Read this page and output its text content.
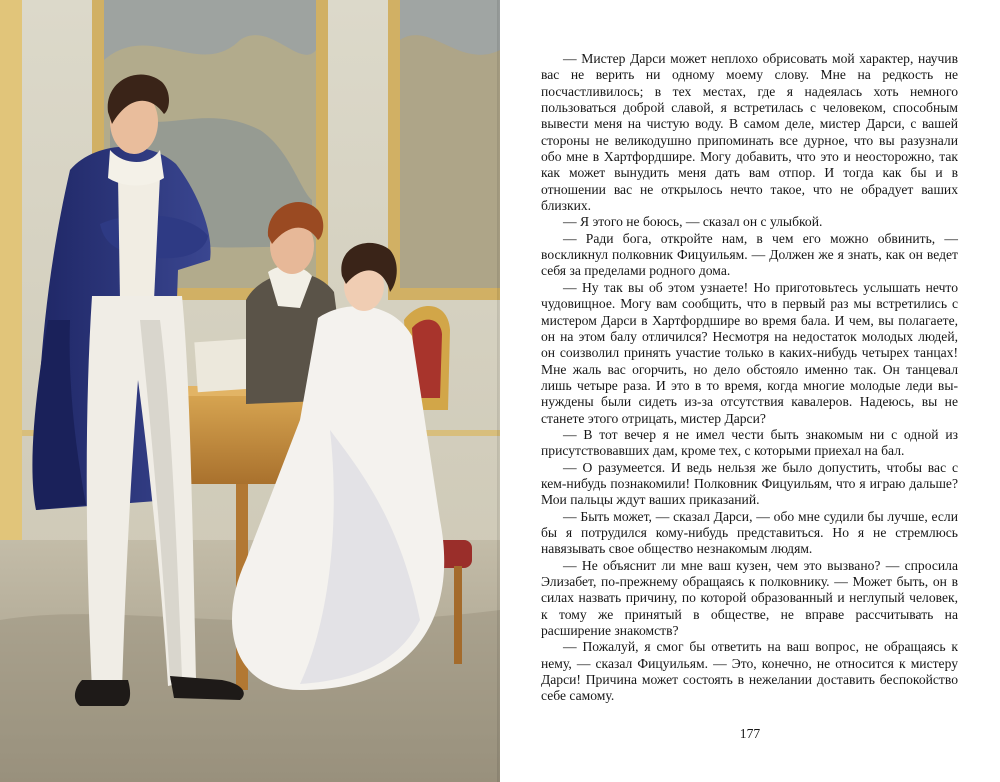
— Мистер Дарси может неплохо обрисовать мой характер, научив вас не верить ни одному моему слову. Мне на редкость не посчастливилось; в тех местах, где я надеялась хоть немного пользоваться доброй славой, я встретилась с человеком, способным вывести меня на чистую воду. В самом деле, мистер Дарси, с вашей стороны не великодушно припоминать все дурное, что вы разузнали обо мне в Хартфордшире. Могу добавить, что это и неосторожно, так как может вынудить меня дать вам отпор. И тогда как бы и в отношении вас не открылось нечто такое, что не обрадует ваших близких.

— Я этого не боюсь, — сказал он с улыбкой.

— Ради бога, откройте нам, в чем его можно обвинить, — воскликнул полковник Фицуильям. — Должен же я знать, как он ведет себя за пределами родного дома.

— Ну так вы об этом узнаете! Но приготовьтесь услышать нечто чудовищное. Могу вам сообщить, что в первый раз мы встретились с мистером Дарси в Хартфордшире во время бала. И чем, вы полагаете, он на этом балу отличился? Несмотря на недостаток молодых людей, он соизволил принять участие только в каких-нибудь четырех танцах! Мне жаль вас огорчить, но дело обстояло именно так. Он танцевал лишь четыре раза. И это в то время, когда многие молодые леди вынуждены были сидеть из-за отсутствия кавалеров. Надеюсь, вы не станете этого отрицать, мистер Дарси?

— В тот вечер я не имел чести быть знакомым ни с одной из присутствовавших дам, кроме тех, с которыми приехал на бал.

— О разумеется. И ведь нельзя же было допустить, чтобы вас с кем-нибудь познакомили! Полковник Фицуильям, что я играю дальше? Мои пальцы ждут ваших приказаний.

— Быть может, — сказал Дарси, — обо мне судили бы лучше, если бы я потрудился кому-нибудь представиться. Но я не стремлюсь навязывать свое общество незнакомым людям.

— Не объяснит ли мне ваш кузен, чем это вызвано? — спросила Элизабет, по-прежнему обращаясь к полковнику. — Может быть, он в силах назвать причину, по которой образованный и неглупый человек, к тому же принятый в обществе, не вправе рассчитывать на расширение знакомств?

— Пожалуй, я смог бы ответить на ваш вопрос, не обращаясь к нему, — сказал Фицуильям. — Это, конечно, не относится к мистеру Дарси! Причина может состоять в нежелании доставить беспокойство себе самому.

177
